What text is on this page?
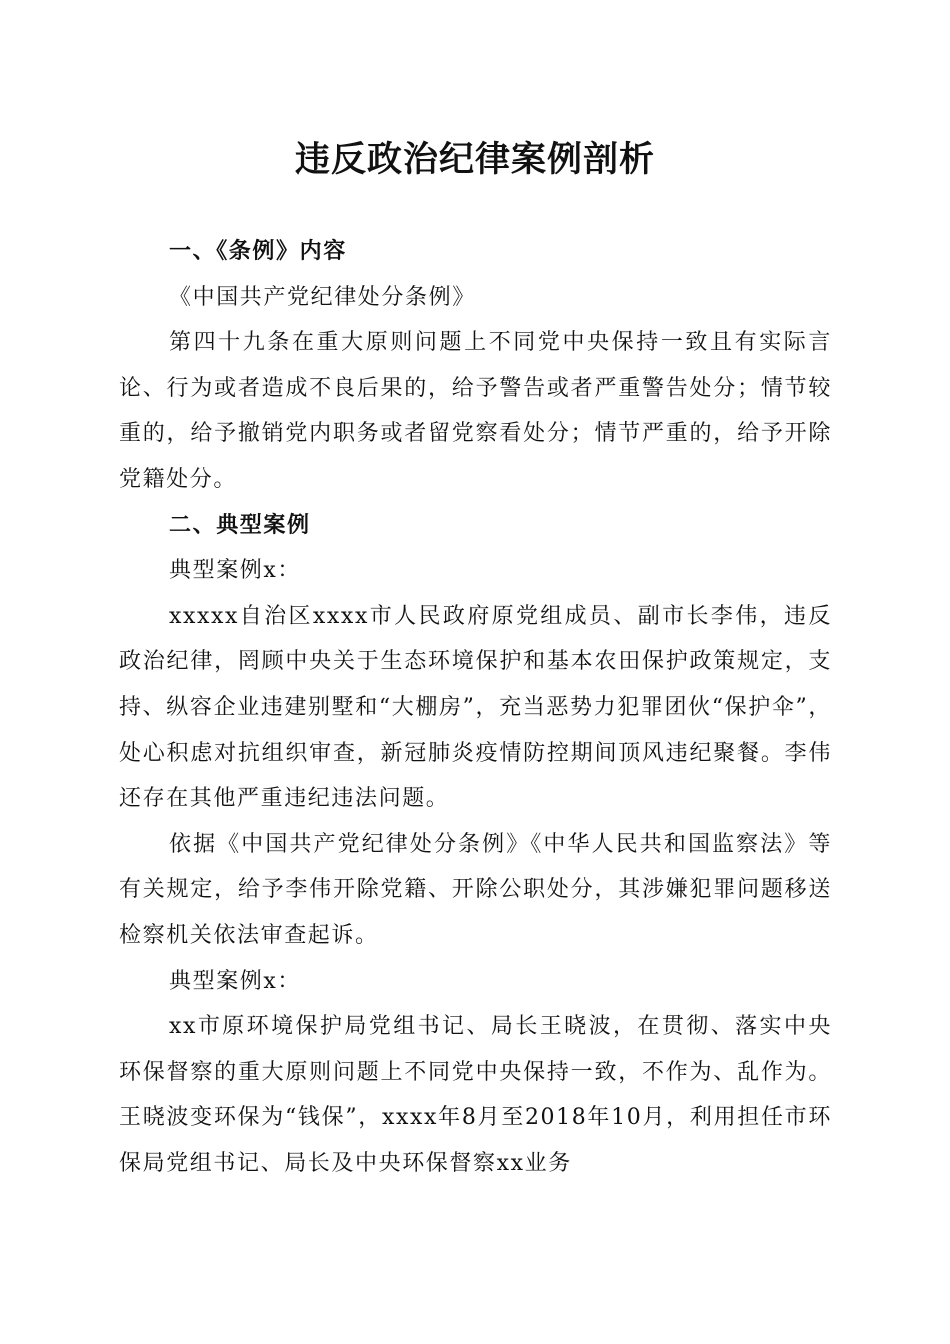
违反政治纪律案例剖析

一、《条例》内容

《中国共产党纪律处分条例》

第四十九条在重大原则问题上不同党中央保持一致且有实际言论、行为或者造成不良后果的，给予警告或者严重警告处分；情节较重的，给予撤销党内职务或者留党察看处分；情节严重的，给予开除党籍处分。

二、典型案例

典型案例x：

xxxxx自治区xxxx市人民政府原党组成员、副市长李伟，违反政治纪律，罔顾中央关于生态环境保护和基本农田保护政策规定，支持、纵容企业违建别墅和“大棚房”，充当恶势力犯罪团伙“保护伞”，处心积虑对抗组织审查，新冠肺炎疫情防控期间顶风违纪聚餐。李伟还存在其他严重违纪违法问题。

依据《中国共产党纪律处分条例》《中华人民共和国监察法》等有关规定，给予李伟开除党籍、开除公职处分，其涉嫌犯罪问题移送检察机关依法审查起诉。

典型案例x：

xx市原环境保护局党组书记、局长王晓波，在贯彻、落实中央环保督察的重大原则问题上不同党中央保持一致，不作为、乱作为。王晓波变环保为“钱保”，xxxx年8月至2018年10月，利用担任市环保局党组书记、局长及中央环保督察xx业务
